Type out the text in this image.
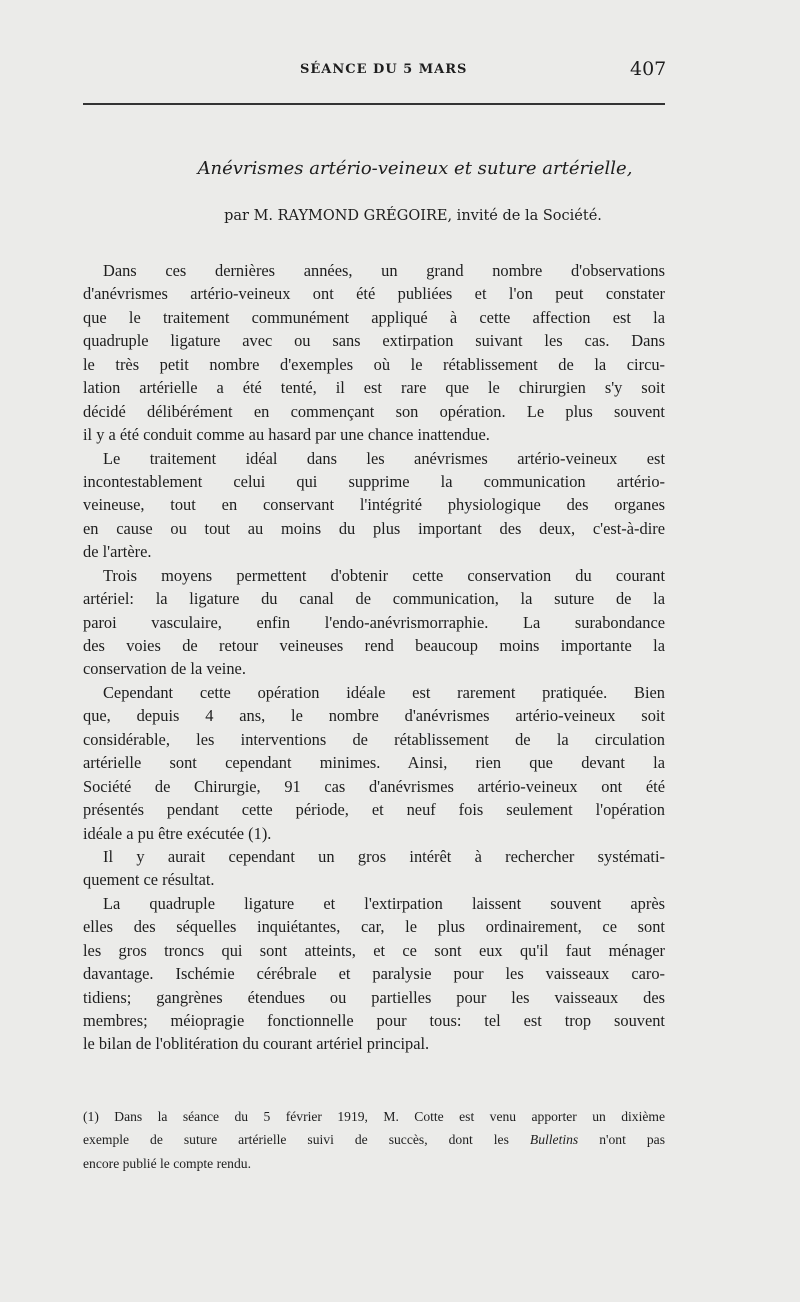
SÉANCE DU 5 MARS	407
Anévrismes artério-veineux et suture artérielle,
par M. RAYMOND GRÉGOIRE, invité de la Société.
Dans ces dernières années, un grand nombre d'observations
d'anévrismes artério-veineux ont été publiées et l'on peut constater
que le traitement communément appliqué à cette affection est la
quadruple ligature avec ou sans extirpation suivant les cas. Dans
le très petit nombre d'exemples où le rétablissement de la circu-
lation artérielle a été tenté, il est rare que le chirurgien s'y soit
décidé délibérément en commençant son opération. Le plus souvent
il y a été conduit comme au hasard par une chance inattendue.
Le traitement idéal dans les anévrismes artério-veineux est
incontestablement celui qui supprime la communication artério-
veineuse, tout en conservant l'intégrité physiologique des organes
en cause ou tout au moins du plus important des deux, c'est-à-dire
de l'artère.
Trois moyens permettent d'obtenir cette conservation du courant
artériel: la ligature du canal de communication, la suture de la
paroi vasculaire, enfin l'endo-anévrismorraphie. La surabondance
des voies de retour veineuses rend beaucoup moins importante la
conservation de la veine.
Cependant cette opération idéale est rarement pratiquée. Bien
que, depuis 4 ans, le nombre d'anévrismes artério-veineux soit
considérable, les interventions de rétablissement de la circulation
artérielle sont cependant minimes. Ainsi, rien que devant la
Société de Chirurgie, 91 cas d'anévrismes artério-veineux ont été
présentés pendant cette période, et neuf fois seulement l'opération
idéale a pu être exécutée (1).
Il y aurait cependant un gros intérêt à rechercher systémati-
quement ce résultat.
La quadruple ligature et l'extirpation laissent souvent après
elles des séquelles inquiétantes, car, le plus ordinairement, ce sont
les gros troncs qui sont atteints, et ce sont eux qu'il faut ménager
davantage. Ischémie cérébrale et paralysie pour les vaisseaux caro-
tidiens; gangrènes étendues ou partielles pour les vaisseaux des
membres; méiopragie fonctionnelle pour tous: tel est trop souvent
le bilan de l'oblitération du courant artériel principal.
(1) Dans la séance du 5 février 1919, M. Cotte est venu apporter un dixième
exemple de suture artérielle suivi de succès, dont les Bulletins n'ont pas
encore publié le compte rendu.
